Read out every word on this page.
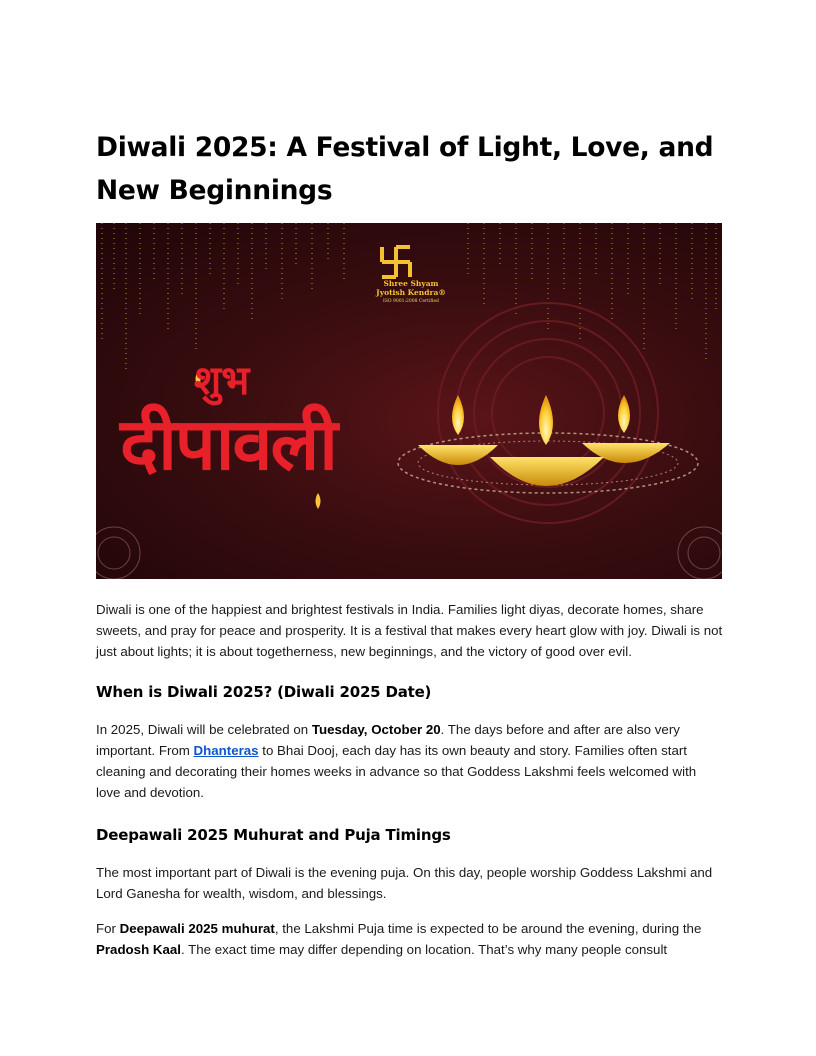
Diwali 2025: A Festival of Light, Love, and New Beginnings
Shree Shyam
Jyotish Kendra®
ISO 9001:2008 Certified
शुभ
दीपावली

Diwali is one of the happiest and brightest festivals in India. Families light diyas, decorate homes, share sweets, and pray for peace and prosperity. It is a festival that makes every heart glow with joy. Diwali is not just about lights; it is about togetherness, new beginnings, and the victory of good over evil.

When is Diwali 2025? (Diwali 2025 Date)

In 2025, Diwali will be celebrated on Tuesday, October 20. The days before and after are also very important. From Dhanteras to Bhai Dooj, each day has its own beauty and story. Families often start cleaning and decorating their homes weeks in advance so that Goddess Lakshmi feels welcomed with love and devotion.

Deepawali 2025 Muhurat and Puja Timings

The most important part of Diwali is the evening puja. On this day, people worship Goddess Lakshmi and Lord Ganesha for wealth, wisdom, and blessings.

For Deepawali 2025 muhurat, the Lakshmi Puja time is expected to be around the evening, during the Pradosh Kaal. The exact time may differ depending on location. That’s why many people consult
